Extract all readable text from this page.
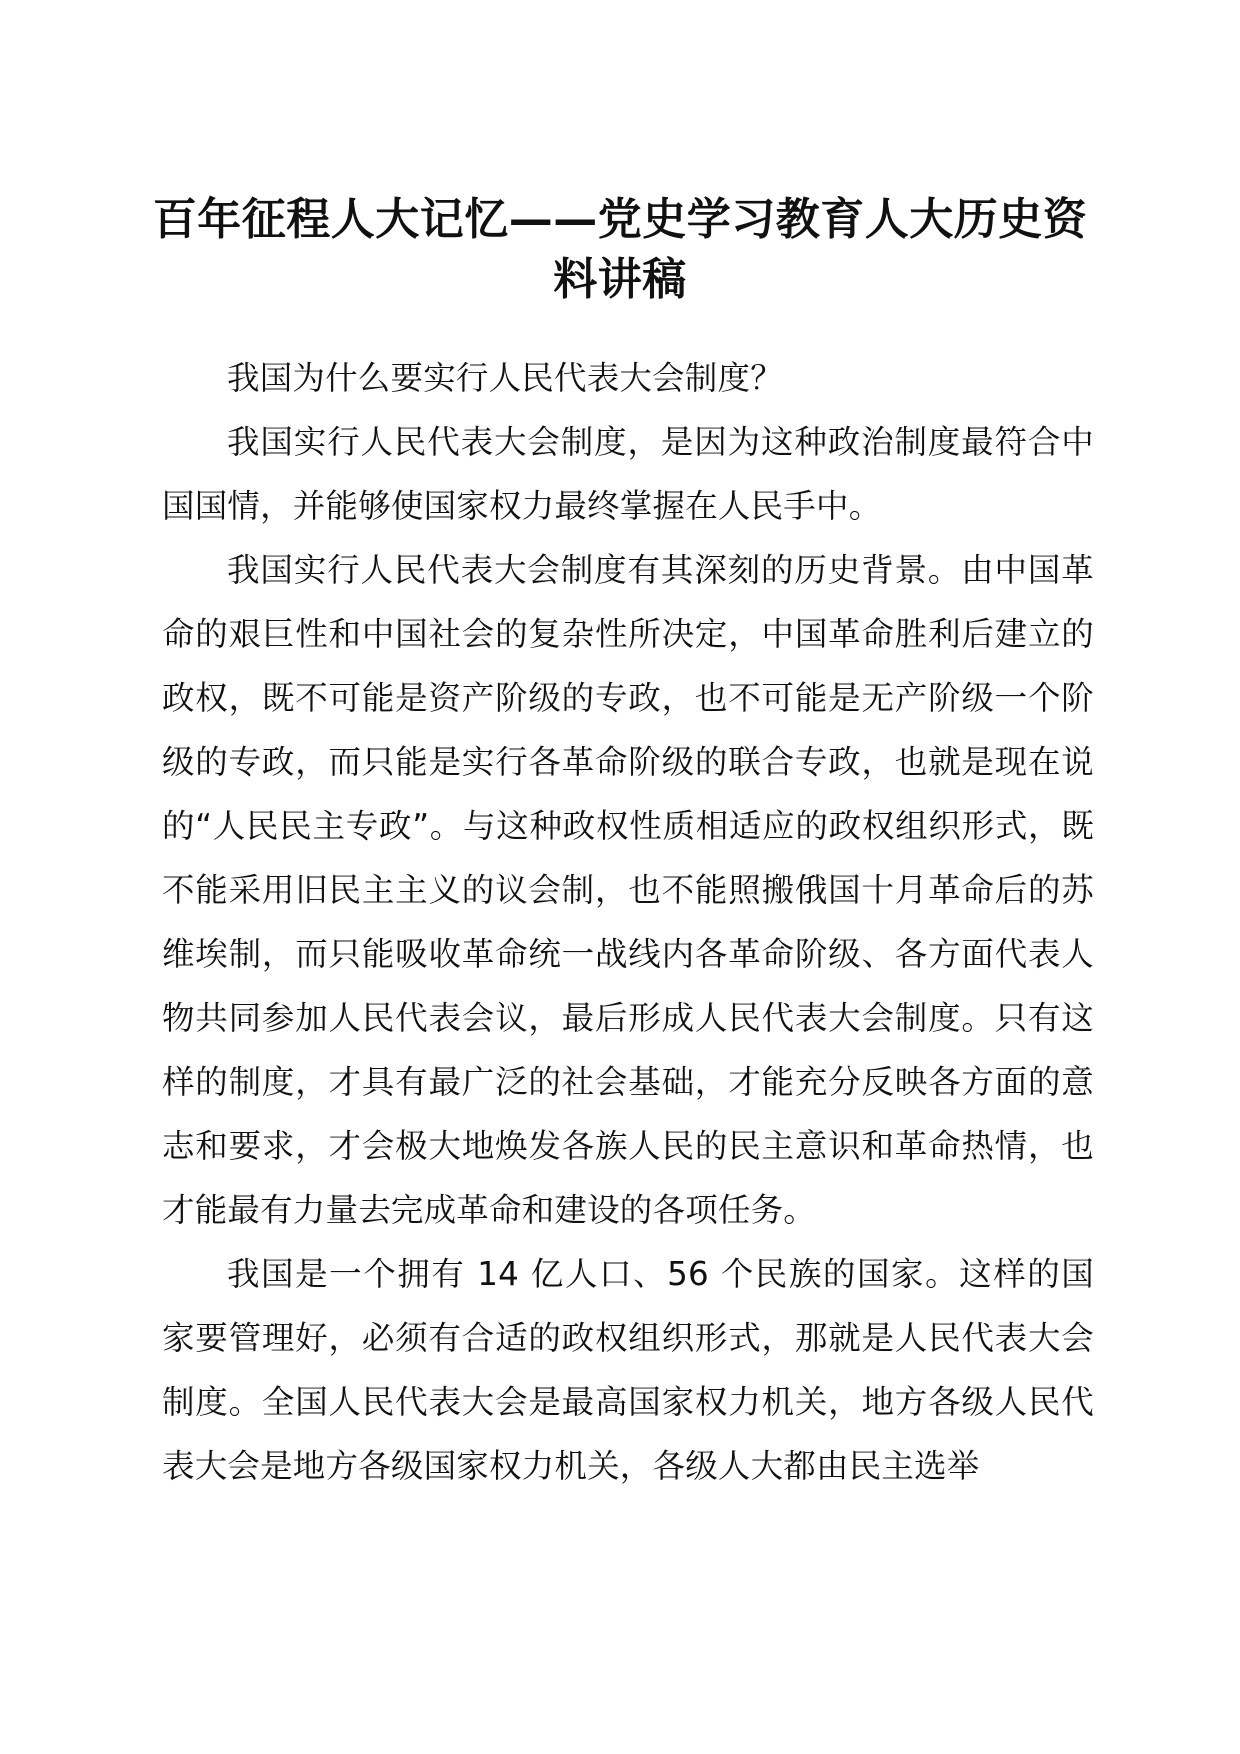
百年征程人大记忆——党史学习教育人大历史资料讲稿

我国为什么要实行人民代表大会制度？

我国实行人民代表大会制度，是因为这种政治制度最符合中国国情，并能够使国家权力最终掌握在人民手中。

我国实行人民代表大会制度有其深刻的历史背景。由中国革命的艰巨性和中国社会的复杂性所决定，中国革命胜利后建立的政权，既不可能是资产阶级的专政，也不可能是无产阶级一个阶级的专政，而只能是实行各革命阶级的联合专政，也就是现在说的“人民民主专政”。与这种政权性质相适应的政权组织形式，既不能采用旧民主主义的议会制，也不能照搬俄国十月革命后的苏维埃制，而只能吸收革命统一战线内各革命阶级、各方面代表人物共同参加人民代表会议，最后形成人民代表大会制度。只有这样的制度，才具有最广泛的社会基础，才能充分反映各方面的意志和要求，才会极大地焕发各族人民的民主意识和革命热情，也才能最有力量去完成革命和建设的各项任务。

我国是一个拥有 14 亿人口、56 个民族的国家。这样的国家要管理好，必须有合适的政权组织形式，那就是人民代表大会制度。全国人民代表大会是最高国家权力机关，地方各级人民代表大会是地方各级国家权力机关，各级人大都由民主选举
